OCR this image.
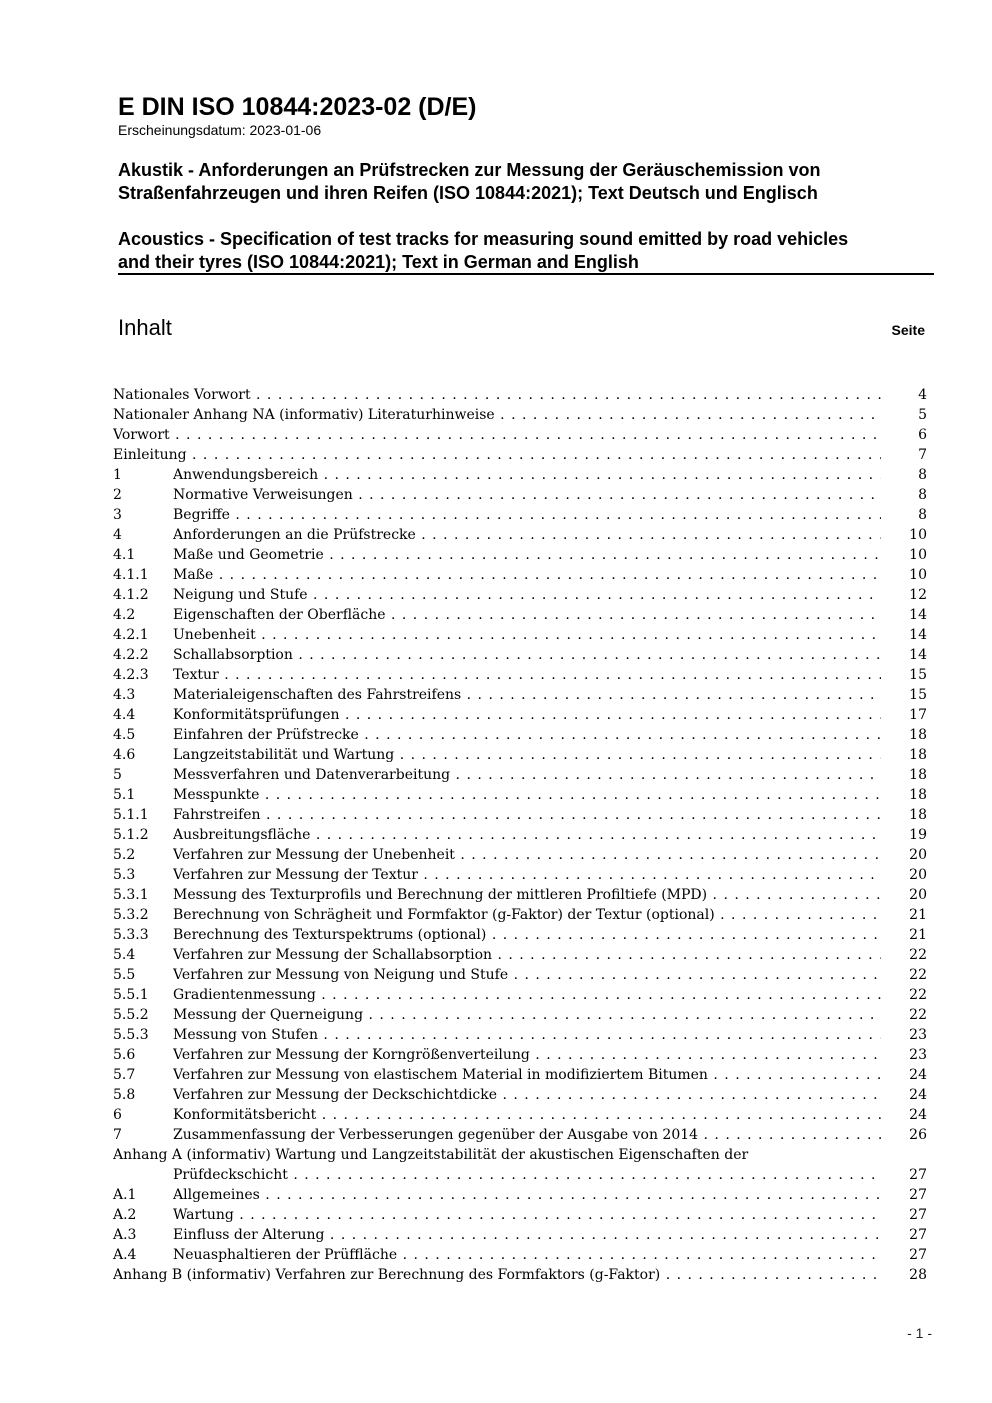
E DIN ISO 10844:2023-02 (D/E)
Erscheinungsdatum: 2023-01-06
Akustik - Anforderungen an Prüfstrecken zur Messung der Geräuschemission von
Straßenfahrzeugen und ihren Reifen (ISO 10844:2021); Text Deutsch und Englisch
Acoustics - Specification of test tracks for measuring sound emitted by road vehicles
and their tyres (ISO 10844:2021); Text in German and English
Inhalt	Seite
Nationales Vorwort . . .	4
Nationaler Anhang NA (informativ) Literaturhinweise . . .	5
Vorwort . . .	6
Einleitung . . .	7
1	Anwendungsbereich . . .	8
2	Normative Verweisungen . . .	8
3	Begriffe . . .	8
4	Anforderungen an die Prüfstrecke . . .	10
4.1	Maße und Geometrie . . .	10
4.1.1	Maße . . .	10
4.1.2	Neigung und Stufe . . .	12
4.2	Eigenschaften der Oberfläche . . .	14
4.2.1	Unebenheit . . .	14
4.2.2	Schallabsorption . . .	14
4.2.3	Textur . . .	15
4.3	Materialeigenschaften des Fahrstreifens . . .	15
4.4	Konformitätsprüfungen . . .	17
4.5	Einfahren der Prüfstrecke . . .	18
4.6	Langzeitstabilität und Wartung . . .	18
5	Messverfahren und Datenverarbeitung . . .	18
5.1	Messpunkte . . .	18
5.1.1	Fahrstreifen . . .	18
5.1.2	Ausbreitungsfläche . . .	19
5.2	Verfahren zur Messung der Unebenheit . . .	20
5.3	Verfahren zur Messung der Textur . . .	20
5.3.1	Messung des Texturprofils und Berechnung der mittleren Profiltiefe (MPD) . . .	20
5.3.2	Berechnung von Schrägheit und Formfaktor (g-Faktor) der Textur (optional) . . .	21
5.3.3	Berechnung des Texturspektrums (optional) . . .	21
5.4	Verfahren zur Messung der Schallabsorption . . .	22
5.5	Verfahren zur Messung von Neigung und Stufe . . .	22
5.5.1	Gradientenmessung . . .	22
5.5.2	Messung der Querneigung . . .	22
5.5.3	Messung von Stufen . . .	23
5.6	Verfahren zur Messung der Korngrößenverteilung . . .	23
5.7	Verfahren zur Messung von elastischem Material in modifiziertem Bitumen . . .	24
5.8	Verfahren zur Messung der Deckschichtdicke . . .	24
6	Konformitätsbericht . . .	24
7	Zusammenfassung der Verbesserungen gegenüber der Ausgabe von 2014 . . .	26
Anhang A (informativ) Wartung und Langzeitstabilität der akustischen Eigenschaften der
Prüfdeckschicht . . .	27
A.1	Allgemeines . . .	27
A.2	Wartung . . .	27
A.3	Einfluss der Alterung . . .	27
A.4	Neuasphaltieren der Prüffläche . . .	27
Anhang B (informativ) Verfahren zur Berechnung des Formfaktors (g-Faktor) . . .	28
- 1 -
